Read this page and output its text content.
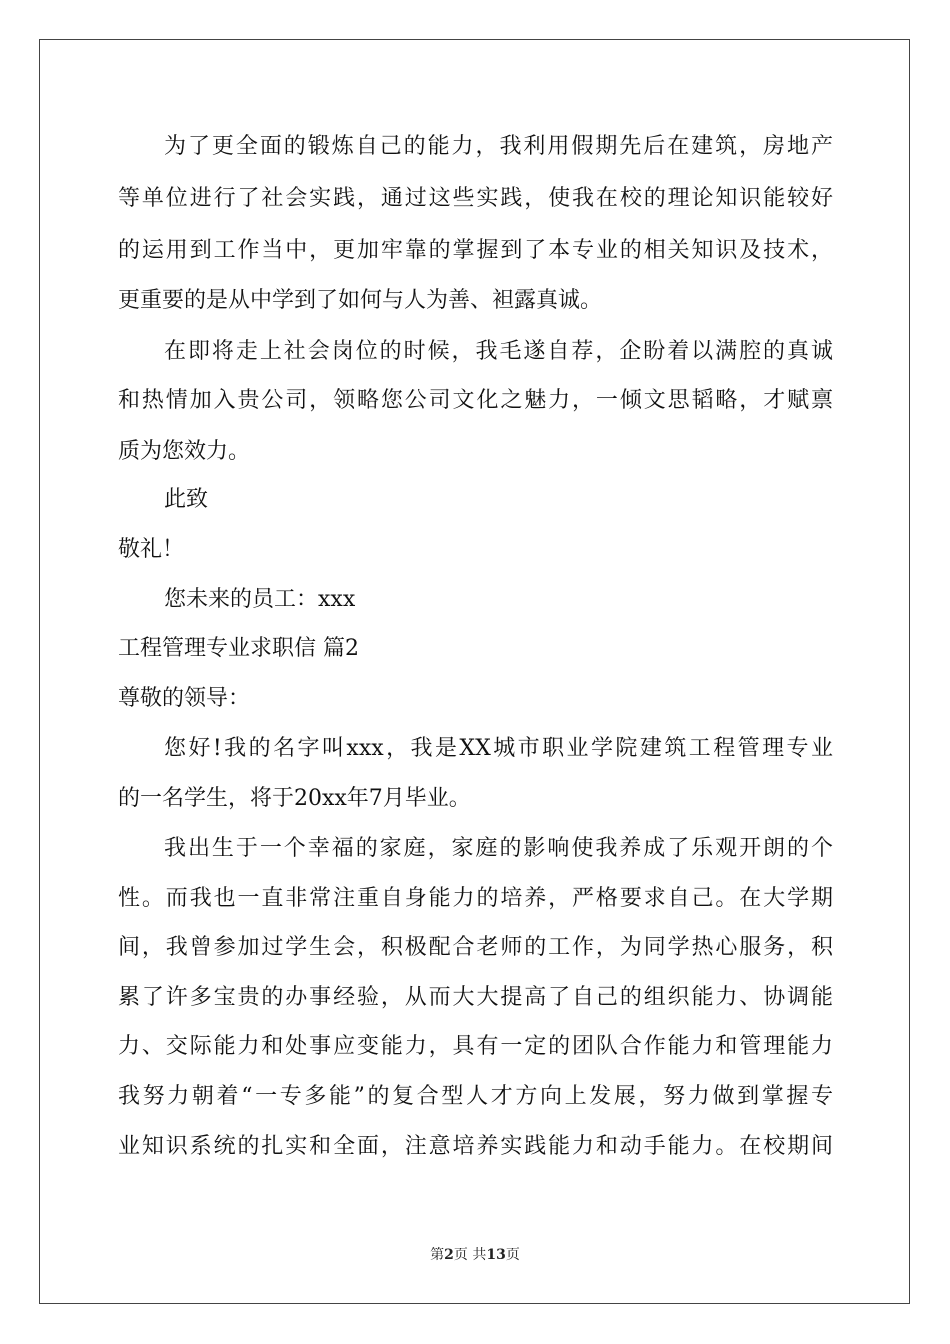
为了更全面的锻炼自己的能力，我利用假期先后在建筑，房地产
等单位进行了社会实践，通过这些实践，使我在校的理论知识能较好
的运用到工作当中，更加牢靠的掌握到了本专业的相关知识及技术，
更重要的是从中学到了如何与人为善、袒露真诚。
在即将走上社会岗位的时候，我毛遂自荐，企盼着以满腔的真诚
和热情加入贵公司，领略您公司文化之魅力，一倾文思韬略，才赋禀
质为您效力。
此致
敬礼！
您未来的员工：xxx
工程管理专业求职信 篇2
尊敬的领导：
您好!我的名字叫xxx，我是XX城市职业学院建筑工程管理专业
的一名学生，将于20xx年7月毕业。
我出生于一个幸福的家庭，家庭的影响使我养成了乐观开朗的个
性。而我也一直非常注重自身能力的培养，严格要求自己。在大学期
间，我曾参加过学生会，积极配合老师的工作，为同学热心服务，积
累了许多宝贵的办事经验，从而大大提高了自己的组织能力、协调能
力、交际能力和处事应变能力，具有一定的团队合作能力和管理能力
我努力朝着“一专多能”的复合型人才方向上发展，努力做到掌握专
业知识系统的扎实和全面，注意培养实践能力和动手能力。在校期间
第2页 共13页
